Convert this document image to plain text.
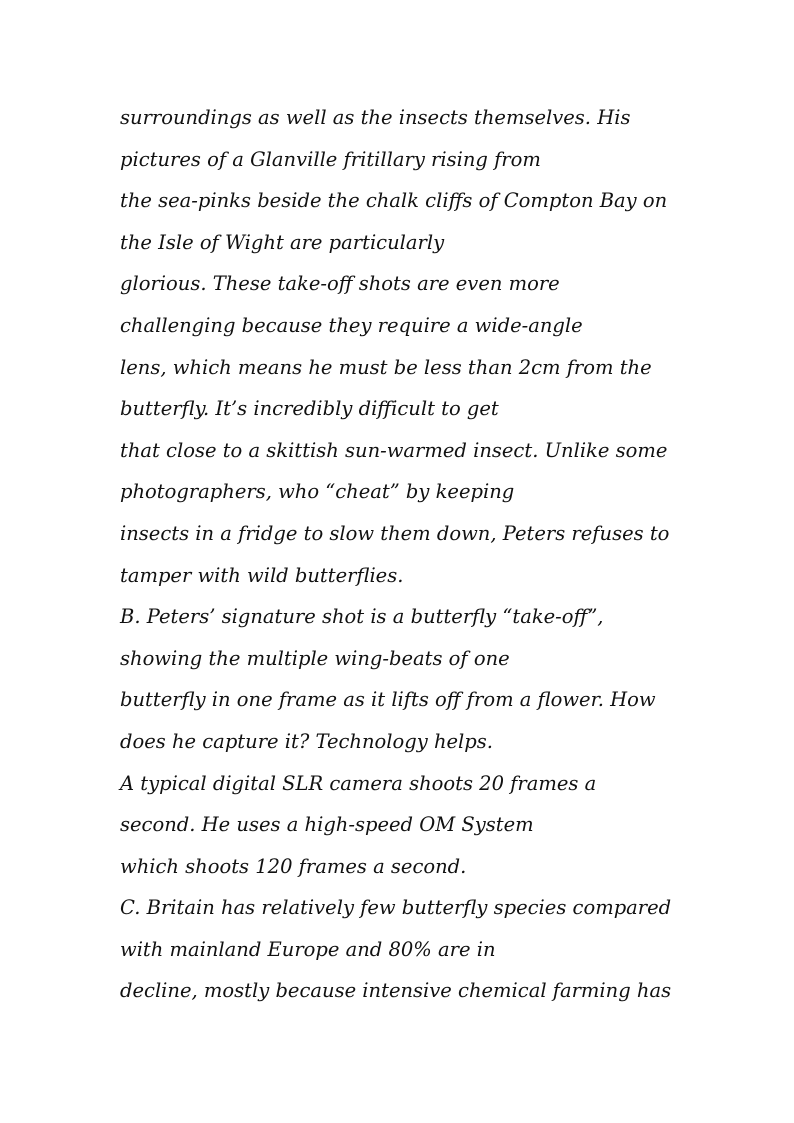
surroundings as well as the insects themselves. His
pictures of a Glanville fritillary rising from
the sea-pinks beside the chalk cliffs of Compton Bay on
the Isle of Wight are particularly
glorious. These take-off shots are even more
challenging because they require a wide-angle
lens, which means he must be less than 2cm from the
butterfly. It’s incredibly difficult to get
that close to a skittish sun-warmed insect. Unlike some
photographers, who “cheat” by keeping
insects in a fridge to slow them down, Peters refuses to
tamper with wild butterflies.
B. Peters’ signature shot is a butterfly “take-off”,
showing the multiple wing-beats of one
butterfly in one frame as it lifts off from a flower. How
does he capture it? Technology helps.
A typical digital SLR camera shoots 20 frames a
second. He uses a high-speed OM System
which shoots 120 frames a second.
C. Britain has relatively few butterfly species compared
with mainland Europe and 80% are in
decline, mostly because intensive chemical farming has
